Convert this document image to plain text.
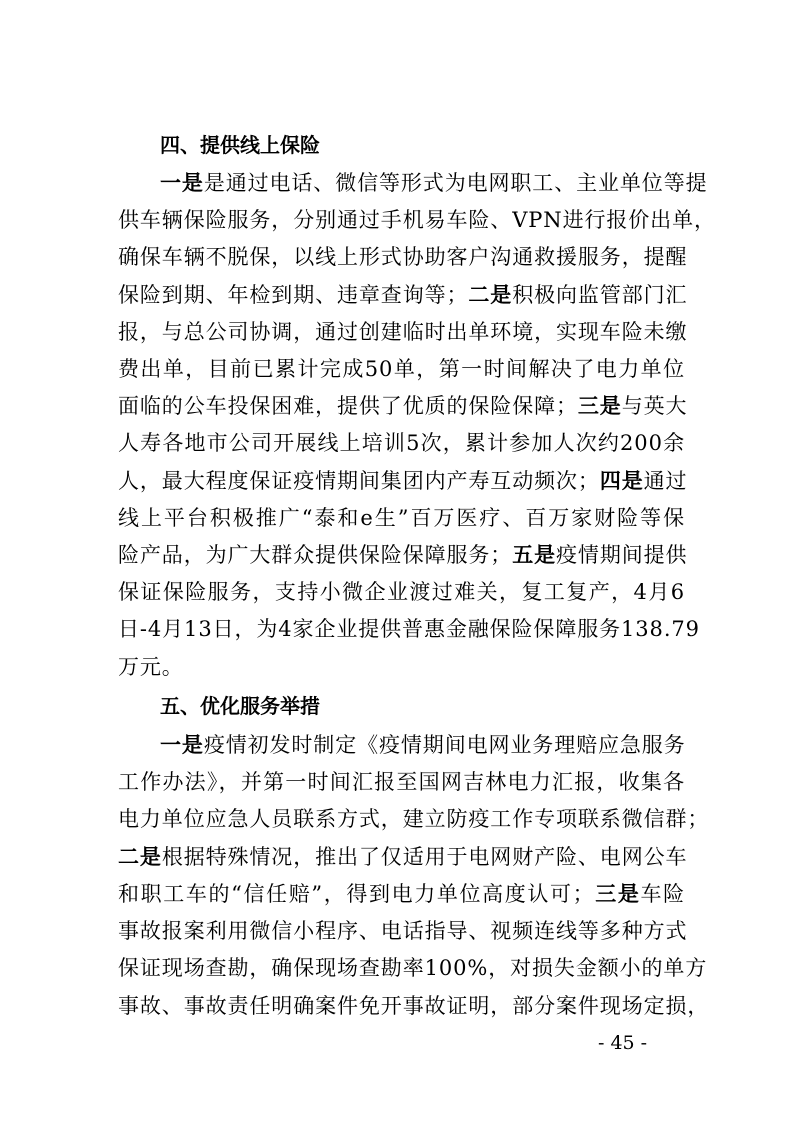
四、提供线上保险
一是是通过电话、微信等形式为电网职工、主业单位等提
供车辆保险服务，分别通过手机易车险、VPN进行报价出单，
确保车辆不脱保，以线上形式协助客户沟通救援服务，提醒
保险到期、年检到期、违章查询等；二是积极向监管部门汇
报，与总公司协调，通过创建临时出单环境，实现车险未缴
费出单，目前已累计完成50单，第一时间解决了电力单位
面临的公车投保困难，提供了优质的保险保障；三是与英大
人寿各地市公司开展线上培训5次，累计参加人次约200余
人，最大程度保证疫情期间集团内产寿互动频次；四是通过
线上平台积极推广“泰和e生”百万医疗、百万家财险等保
险产品，为广大群众提供保险保障服务；五是疫情期间提供
保证保险服务，支持小微企业渡过难关，复工复产，4月6
日-4月13日，为4家企业提供普惠金融保险保障服务138.79
万元。
五、优化服务举措
一是疫情初发时制定《疫情期间电网业务理赔应急服务
工作办法》，并第一时间汇报至国网吉林电力汇报，收集各
电力单位应急人员联系方式，建立防疫工作专项联系微信群；
二是根据特殊情况，推出了仅适用于电网财产险、电网公车
和职工车的“信任赔”，得到电力单位高度认可；三是车险
事故报案利用微信小程序、电话指导、视频连线等多种方式
保证现场查勘，确保现场查勘率100%，对损失金额小的单方
事故、事故责任明确案件免开事故证明，部分案件现场定损，
- 45 -
